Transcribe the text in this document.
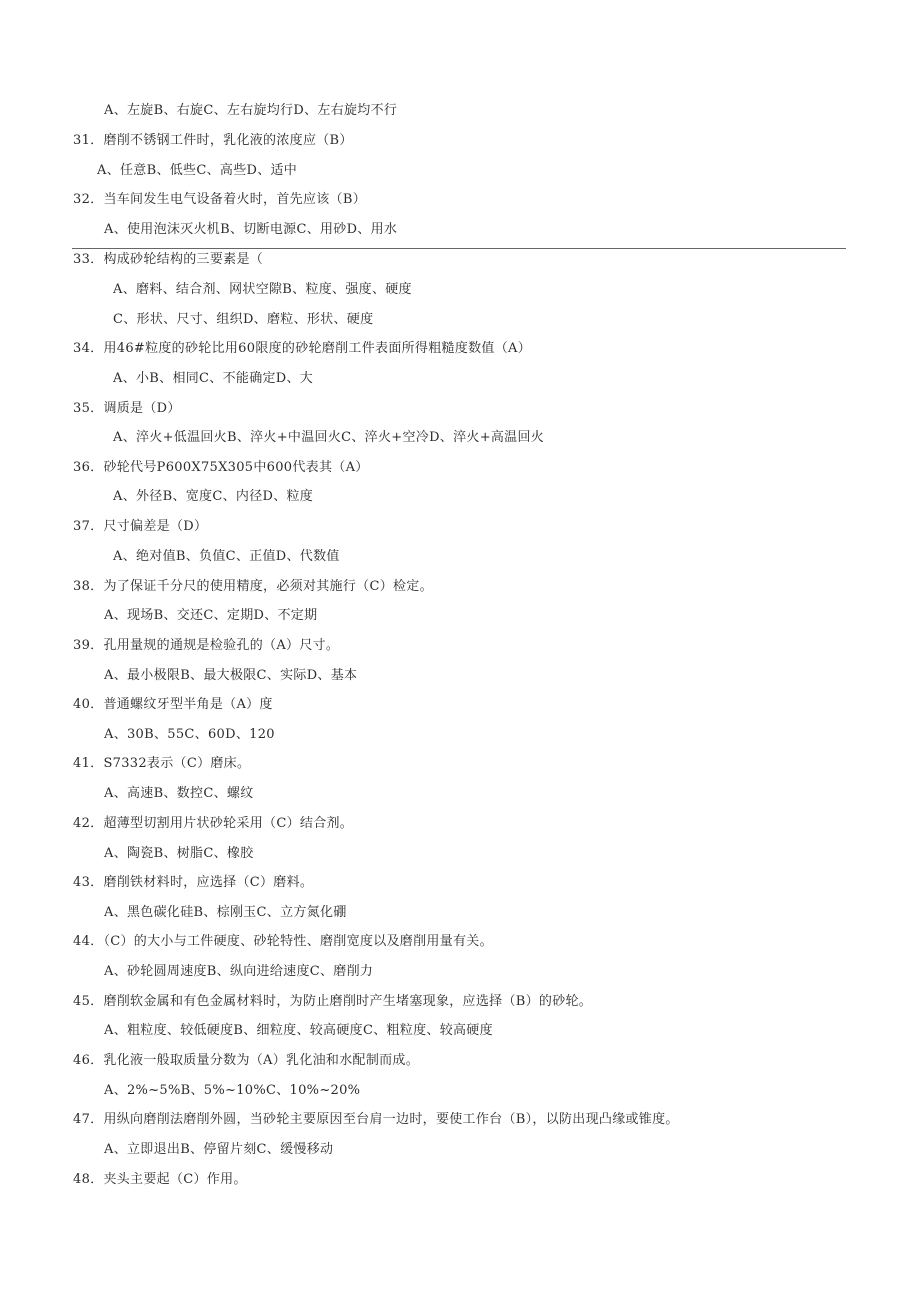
A、左旋B、右旋C、左右旋均行D、左右旋均不行
31．磨削不锈钢工件时，乳化液的浓度应（B）
A、任意B、低些C、高些D、适中
32．当车间发生电气设备着火时，首先应该（B）
A、使用泡沫灭火机B、切断电源C、用砂D、用水
33．构成砂轮结构的三要素是（
A、磨料、结合剂、网状空隙B、粒度、强度、硬度
C、形状、尺寸、组织D、磨粒、形状、硬度
34．用46#粒度的砂轮比用60限度的砂轮磨削工件表面所得粗糙度数值（A）
A、小B、相同C、不能确定D、大
35．调质是（D）
A、淬火+低温回火B、淬火+中温回火C、淬火+空冷D、淬火+高温回火
36．砂轮代号P600X75X305中600代表其（A）
A、外径B、宽度C、内径D、粒度
37．尺寸偏差是（D）
A、绝对值B、负值C、正值D、代数值
38．为了保证千分尺的使用精度，必须对其施行（C）检定。
A、现场B、交还C、定期D、不定期
39．孔用量规的通规是检验孔的（A）尺寸。
A、最小极限B、最大极限C、实际D、基本
40．普通螺纹牙型半角是（A）度
A、30B、55C、60D、120
41．S7332表示（C）磨床。
A、高速B、数控C、螺纹
42．超薄型切割用片状砂轮采用（C）结合剂。
A、陶瓷B、树脂C、橡胶
43．磨削铁材料时，应选择（C）磨料。
A、黑色碳化硅B、棕刚玉C、立方氮化硼
44．（C）的大小与工件硬度、砂轮特性、磨削宽度以及磨削用量有关。
A、砂轮圆周速度B、纵向进给速度C、磨削力
45．磨削软金属和有色金属材料时，为防止磨削时产生堵塞现象，应选择（B）的砂轮。
A、粗粒度、较低硬度B、细粒度、较高硬度C、粗粒度、较高硬度
46．乳化液一般取质量分数为（A）乳化油和水配制而成。
A、2%~5%B、5%~10%C、10%~20%
47．用纵向磨削法磨削外圆，当砂轮主要原因至台肩一边时，要使工作台（B），以防出现凸缘或锥度。
A、立即退出B、停留片刻C、缓慢移动
48．夹头主要起（C）作用。
